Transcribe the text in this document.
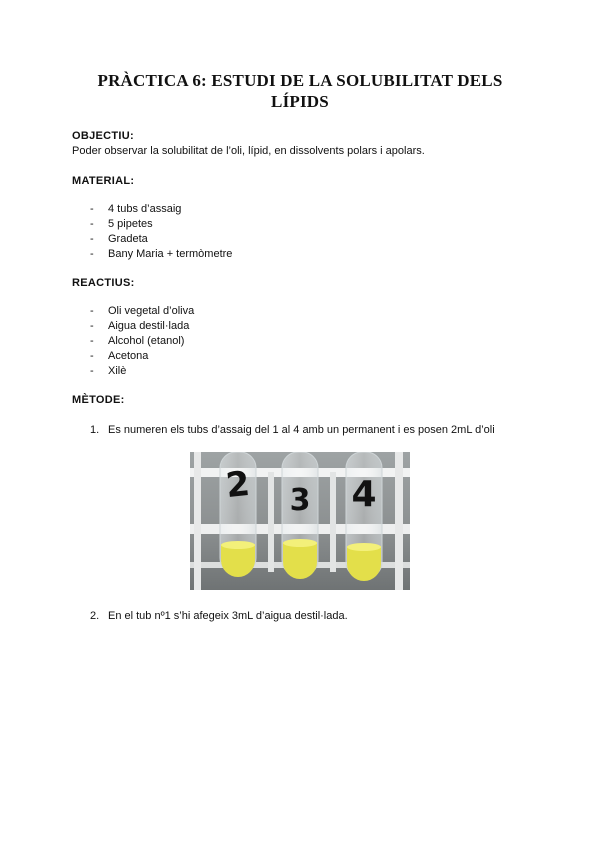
PRÀCTICA 6: ESTUDI DE LA SOLUBILITAT DELS LÍPIDS
OBJECTIU:
Poder observar la solubilitat de l’oli, lípid, en dissolvents polars i apolars.
MATERIAL:
- 4 tubs d’assaig
- 5 pipetes
- Gradeta
- Bany Maria + termòmetre
REACTIUS:
- Oli vegetal d’oliva
- Aigua destil·lada
- Alcohol (etanol)
- Acetona
- Xilè
MÈTODE:
1. Es numeren els tubs d’assaig del 1 al 4 amb un permanent i es posen 2mL d’oli
2 3 4
2. En el tub nº1 s’hi afegeix 3mL d’aigua destil·lada.
